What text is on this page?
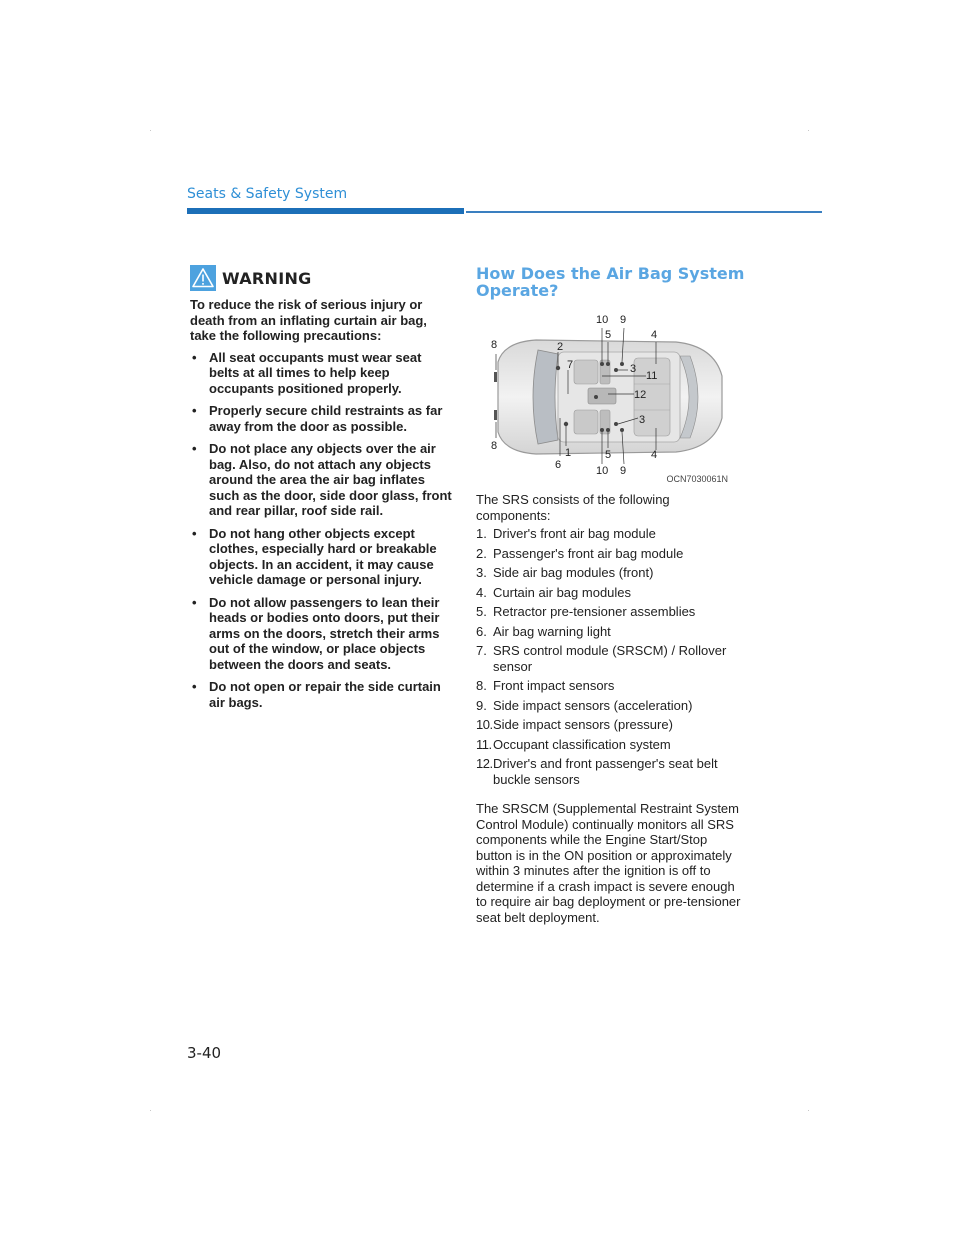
Seats & Safety System
WARNING

To reduce the risk of serious injury or death from an inflating curtain air bag, take the following precautions:

• All seat occupants must wear seat belts at all times to help keep occupants positioned properly.
• Properly secure child restraints as far away from the door as possible.
• Do not place any objects over the air bag. Also, do not attach any objects around the area the air bag inflates such as the door, side door glass, front and rear pillar, roof side rail.
• Do not hang other objects except clothes, especially hard or breakable objects. In an accident, it may cause vehicle damage or personal injury.
• Do not allow passengers to lean their heads or bodies onto doors, put their arms on the doors, stretch their arms out of the window, or place objects between the doors and seats.
• Do not open or repair the side curtain air bags.
How Does the Air Bag System Operate?
10 9
5	4
8	2
7	3
11
12
3
8
1	5	4
6	10 9
OCN7030061N
The SRS consists of the following components:
1. Driver's front air bag module
2. Passenger's front air bag module
3. Side air bag modules (front)
4. Curtain air bag modules
5. Retractor pre-tensioner assemblies
6. Air bag warning light
7. SRS control module (SRSCM) / Rollover sensor
8. Front impact sensors
9. Side impact sensors (acceleration)
10. Side impact sensors (pressure)
11. Occupant classification system
12. Driver's and front passenger's seat belt buckle sensors
The SRSCM (Supplemental Restraint System Control Module) continually monitors all SRS components while the Engine Start/Stop button is in the ON position or approximately within 3 minutes after the ignition is off to determine if a crash impact is severe enough to require air bag deployment or pre-tensioner seat belt deployment.
3-40
